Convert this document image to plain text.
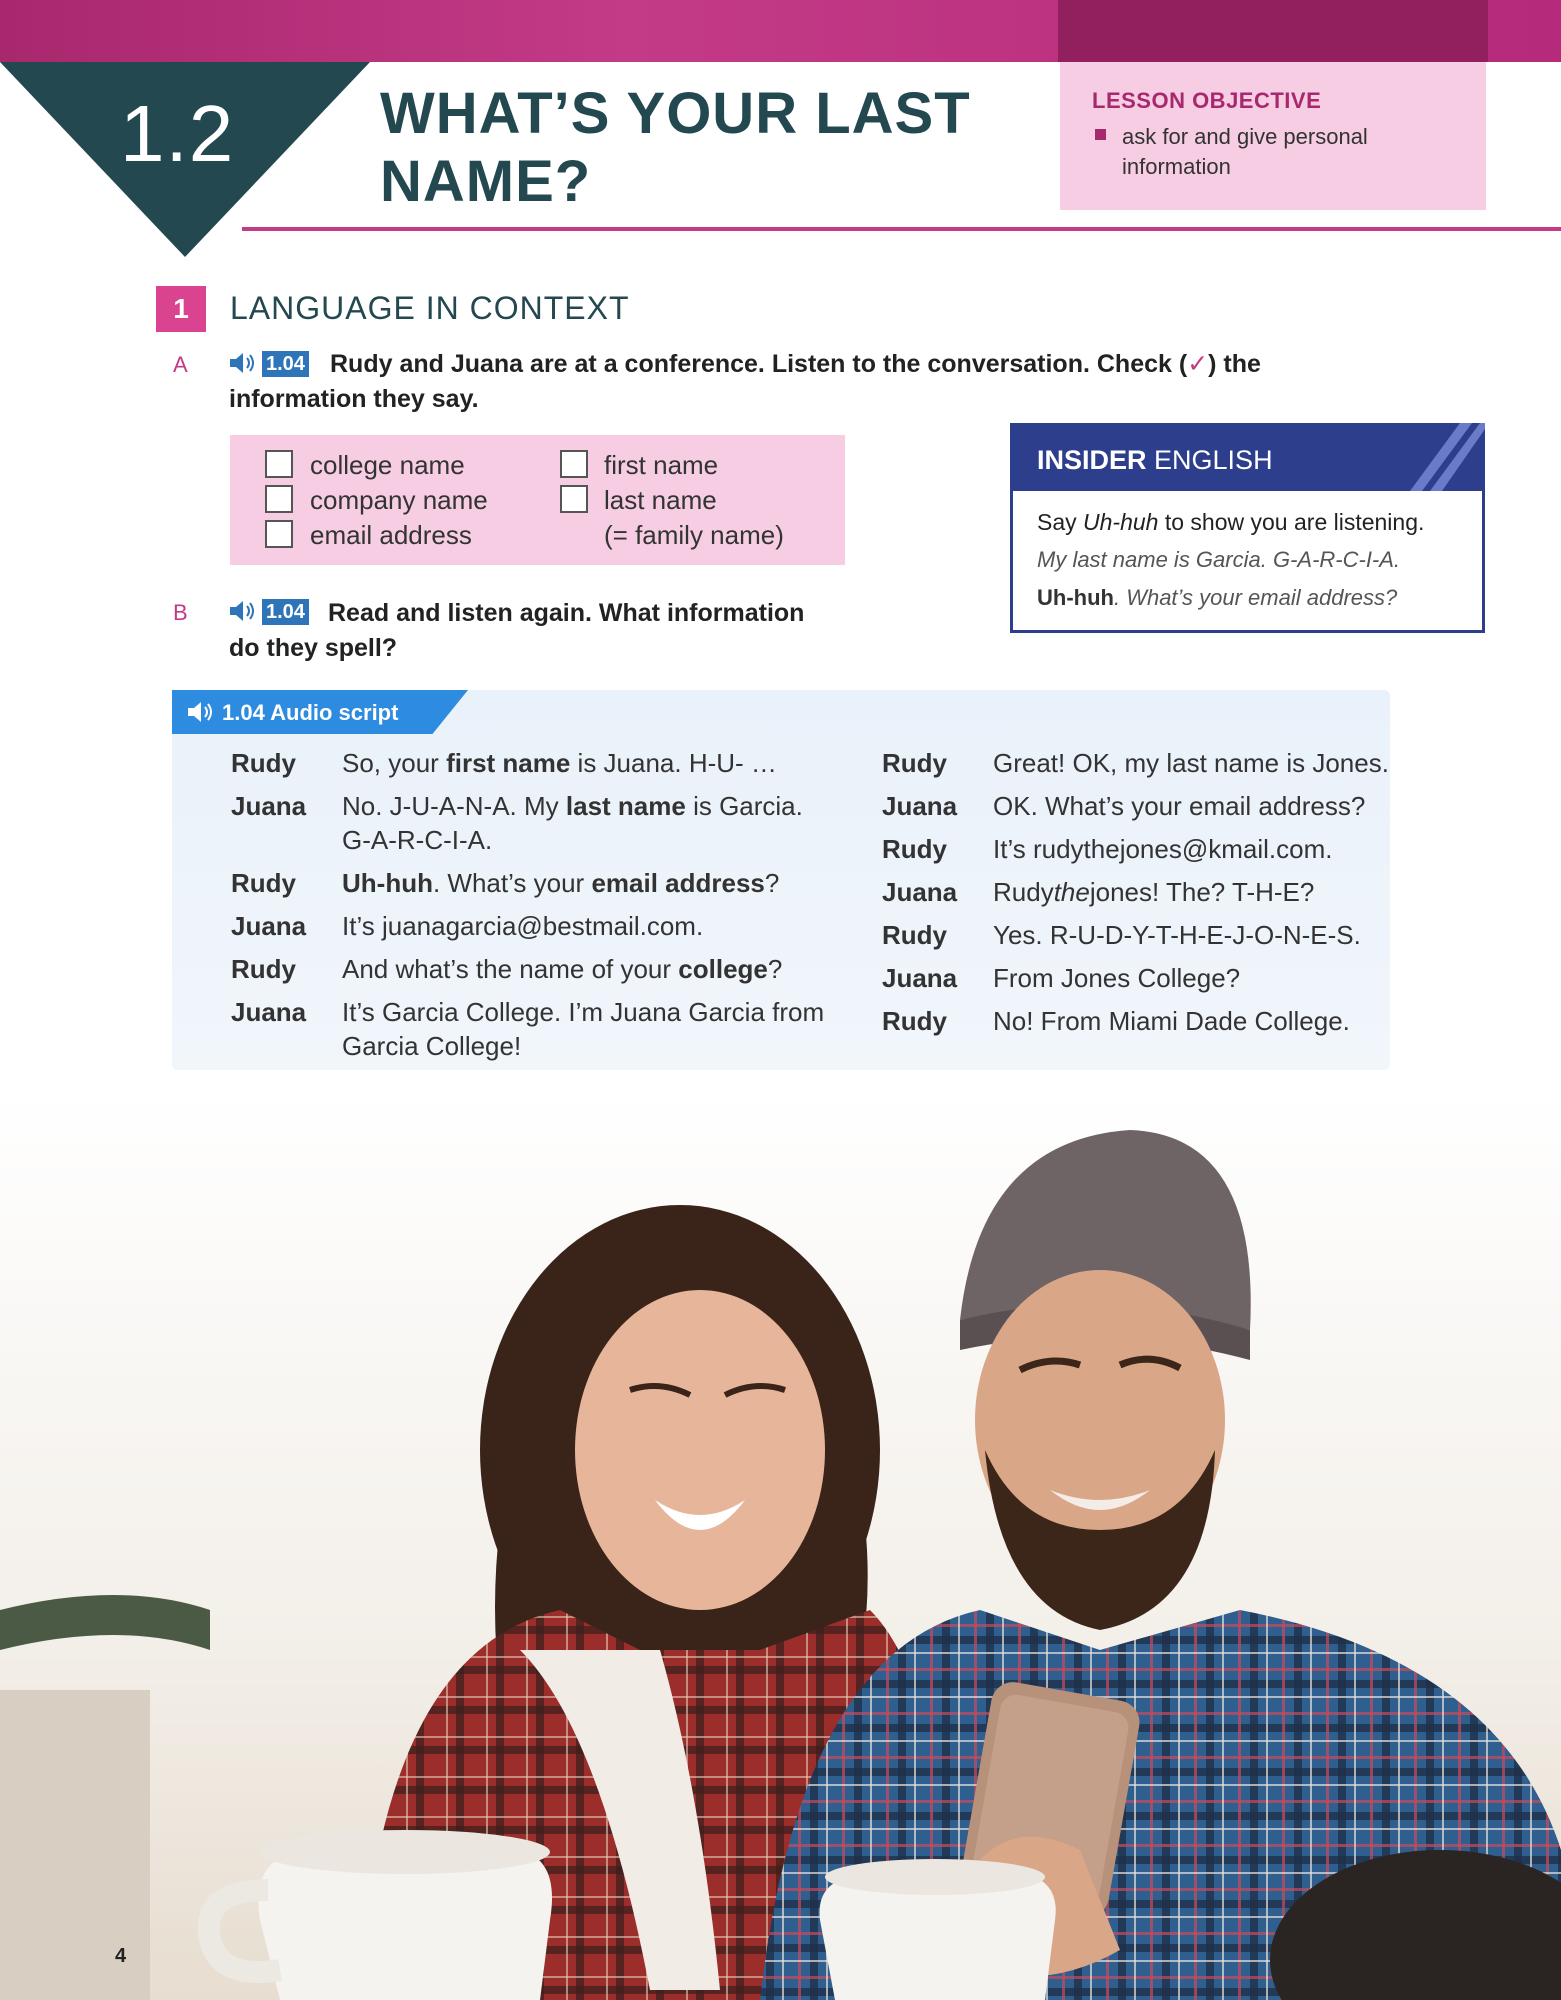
1.2	WHAT’S YOUR LAST
NAME?
LESSON OBJECTIVE
ask for and give personal
information
1	LANGUAGE IN CONTEXT
A	1.04 Rudy and Juana are at a conference. Listen to the conversation. Check (✓) the
information they say.
college name
company name
email address
first name
last name
(= family name)
B	1.04 Read and listen again. What information
do they spell?
INSIDER ENGLISH
Say Uh-huh to show you are listening.
My last name is Garcia. G-A-R-C-I-A.
Uh-huh. What’s your email address?
1.04 Audio script
Rudy So, your first name is Juana. H-U- …
Juana No. J-U-A-N-A. My last name is Garcia.
G-A-R-C-I-A.
Rudy Uh-huh. What’s your email address?
Juana It’s juanagarcia@bestmail.com.
Rudy And what’s the name of your college?
Juana It’s Garcia College. I’m Juana Garcia from
Garcia College!
Rudy Great! OK, my last name is Jones.
Juana OK. What’s your email address?
Rudy It’s rudythejones@kmail.com.
Juana Rudythejones! The? T-H-E?
Rudy Yes. R-U-D-Y-T-H-E-J-O-N-E-S.
Juana From Jones College?
Rudy No! From Miami Dade College.
4
